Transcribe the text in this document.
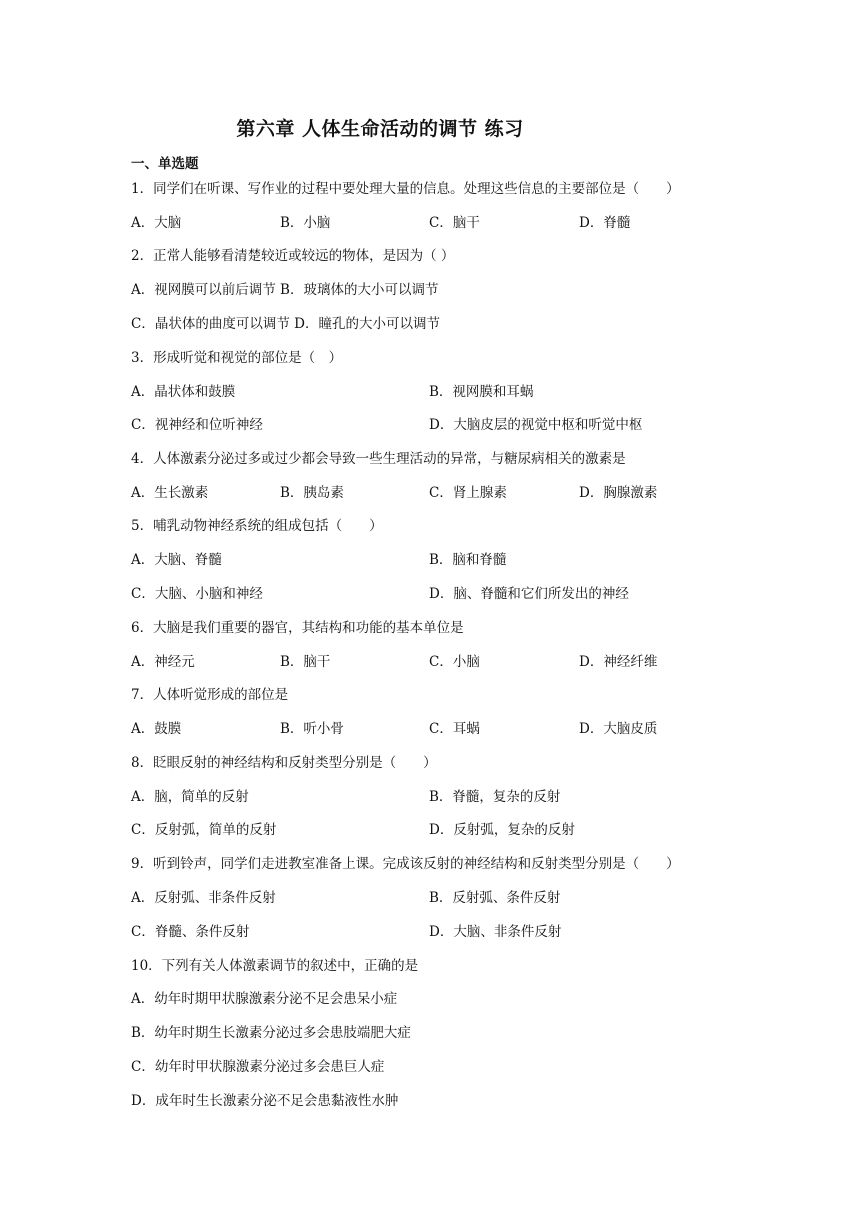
第六章 人体生命活动的调节 练习
一、单选题
1．同学们在听课、写作业的过程中要处理大量的信息。处理这些信息的主要部位是（　　）
A．大脑	B．小脑	C．脑干	D．脊髓
2．正常人能够看清楚较近或较远的物体，是因为（ ）
A．视网膜可以前后调节 B．玻璃体的大小可以调节
C．晶状体的曲度可以调节 D．瞳孔的大小可以调节
3．形成听觉和视觉的部位是（　）
A．晶状体和鼓膜	B．视网膜和耳蜗
C．视神经和位听神经	D．大脑皮层的视觉中枢和听觉中枢
4．人体激素分泌过多或过少都会导致一些生理活动的异常，与糖尿病相关的激素是
A．生长激素	B．胰岛素	C．肾上腺素	D．胸腺激素
5．哺乳动物神经系统的组成包括（　　）
A．大脑、脊髓	B．脑和脊髓
C．大脑、小脑和神经	D．脑、脊髓和它们所发出的神经
6．大脑是我们重要的器官，其结构和功能的基本单位是
A．神经元	B．脑干	C．小脑	D．神经纤维
7．人体听觉形成的部位是
A．鼓膜	B．听小骨	C．耳蜗	D．大脑皮质
8．眨眼反射的神经结构和反射类型分别是（　　）
A．脑，简单的反射	B．脊髓，复杂的反射
C．反射弧，简单的反射	D．反射弧，复杂的反射
9．听到铃声，同学们走进教室准备上课。完成该反射的神经结构和反射类型分别是（　　）
A．反射弧、非条件反射	B．反射弧、条件反射
C．脊髓、条件反射	D．大脑、非条件反射
10．下列有关人体激素调节的叙述中，正确的是
A．幼年时期甲状腺激素分泌不足会患呆小症
B．幼年时期生长激素分泌过多会患肢端肥大症
C．幼年时甲状腺激素分泌过多会患巨人症
D．成年时生长激素分泌不足会患黏液性水肿
